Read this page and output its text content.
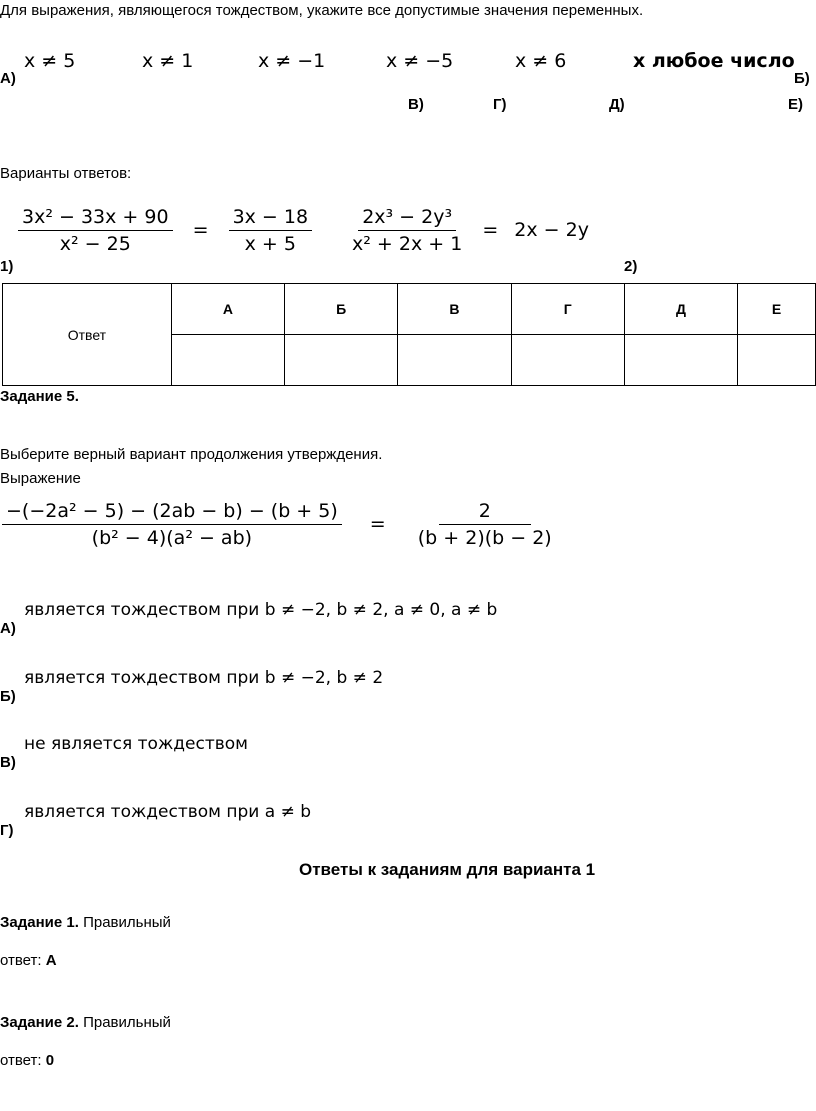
Для выражения, являющегося тождеством, укажите все допустимые значения переменных.
x ≠ 5	x ≠ 1	x ≠ −1	x ≠ −5	x ≠ 6	x любое число
А)	Б)
В)	Г)	Д)	Е)
Варианты ответов:
$\frac{\text{3x² − 33x + 90}}{\text{x² − 25}} = \frac{3x - 18}{x + 5}$
1)
$\frac{\text{2x³ − 2y³}}{\text{x² + 2x + 1}} = 2x - 2y$
2)
Ответ	А	Б	В	Г	Д	Е

Задание 5.
Выберите верный вариант продолжения утверждения.
Выражение
$\frac{\text{−(−2a² − 5) − (2ab − b) − (b + 5)}}{\text{(b² − 4)(a² − ab)}} = \frac{2}{(b + 2)(b - 2)}$
является тождеством при b ≠ −2, b ≠ 2, a ≠ 0, a ≠ b
А)
является тождеством при b ≠ −2, b ≠ 2
Б)
не является тождеством
В)
является тождеством при a ≠ b
Г)
Ответы к заданиям для варианта 1
Задание 1. Правильный
ответ: А
Задание 2. Правильный
ответ: 0
